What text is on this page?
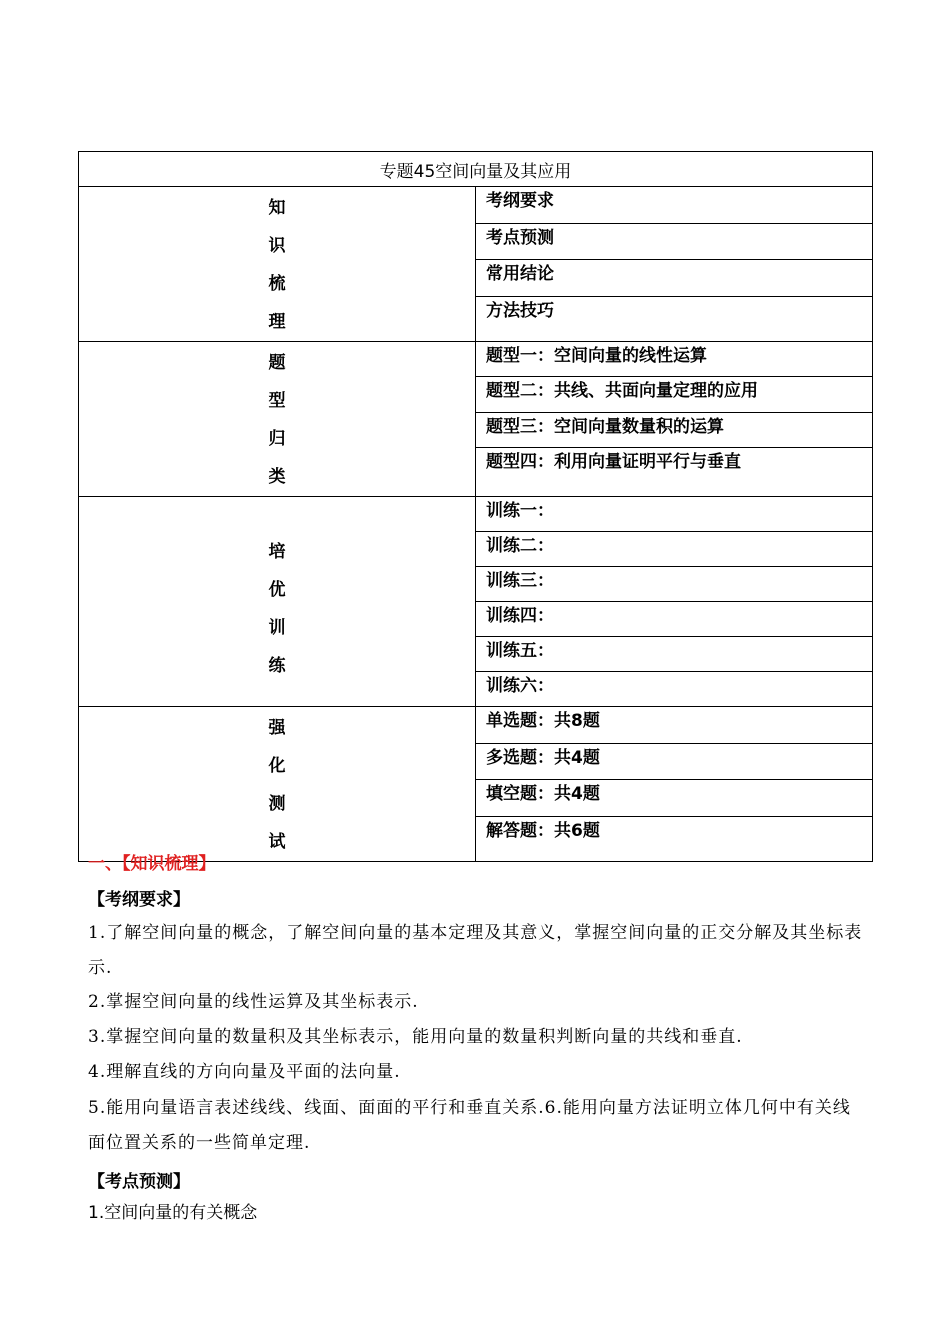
专题45空间向量及其应用	

知
识
梳
理	考纲要求
	考点预测
	常用结论
	方法技巧

题
型
归
类	题型一：空间向量的线性运算
	题型二：共线、共面向量定理的应用
	题型三：空间向量数量积的运算
	题型四：利用向量证明平行与垂直

培
优
训
练	训练一：
	训练二：
	训练三：
	训练四：
	训练五：
	训练六：

强
化
测
试	单选题：共8题
	多选题：共4题
	填空题：共4题
	解答题：共6题
一、【知识梳理】
【考纲要求】
1.了解空间向量的概念，了解空间向量的基本定理及其意义，掌握空间向量的正交分解及其坐标表示.
2.掌握空间向量的线性运算及其坐标表示.
3.掌握空间向量的数量积及其坐标表示，能用向量的数量积判断向量的共线和垂直.
4.理解直线的方向向量及平面的法向量.
5.能用向量语言表述线线、线面、面面的平行和垂直关系.6.能用向量方法证明立体几何中有关线面位置关系的一些简单定理.
【考点预测】
1.空间向量的有关概念
